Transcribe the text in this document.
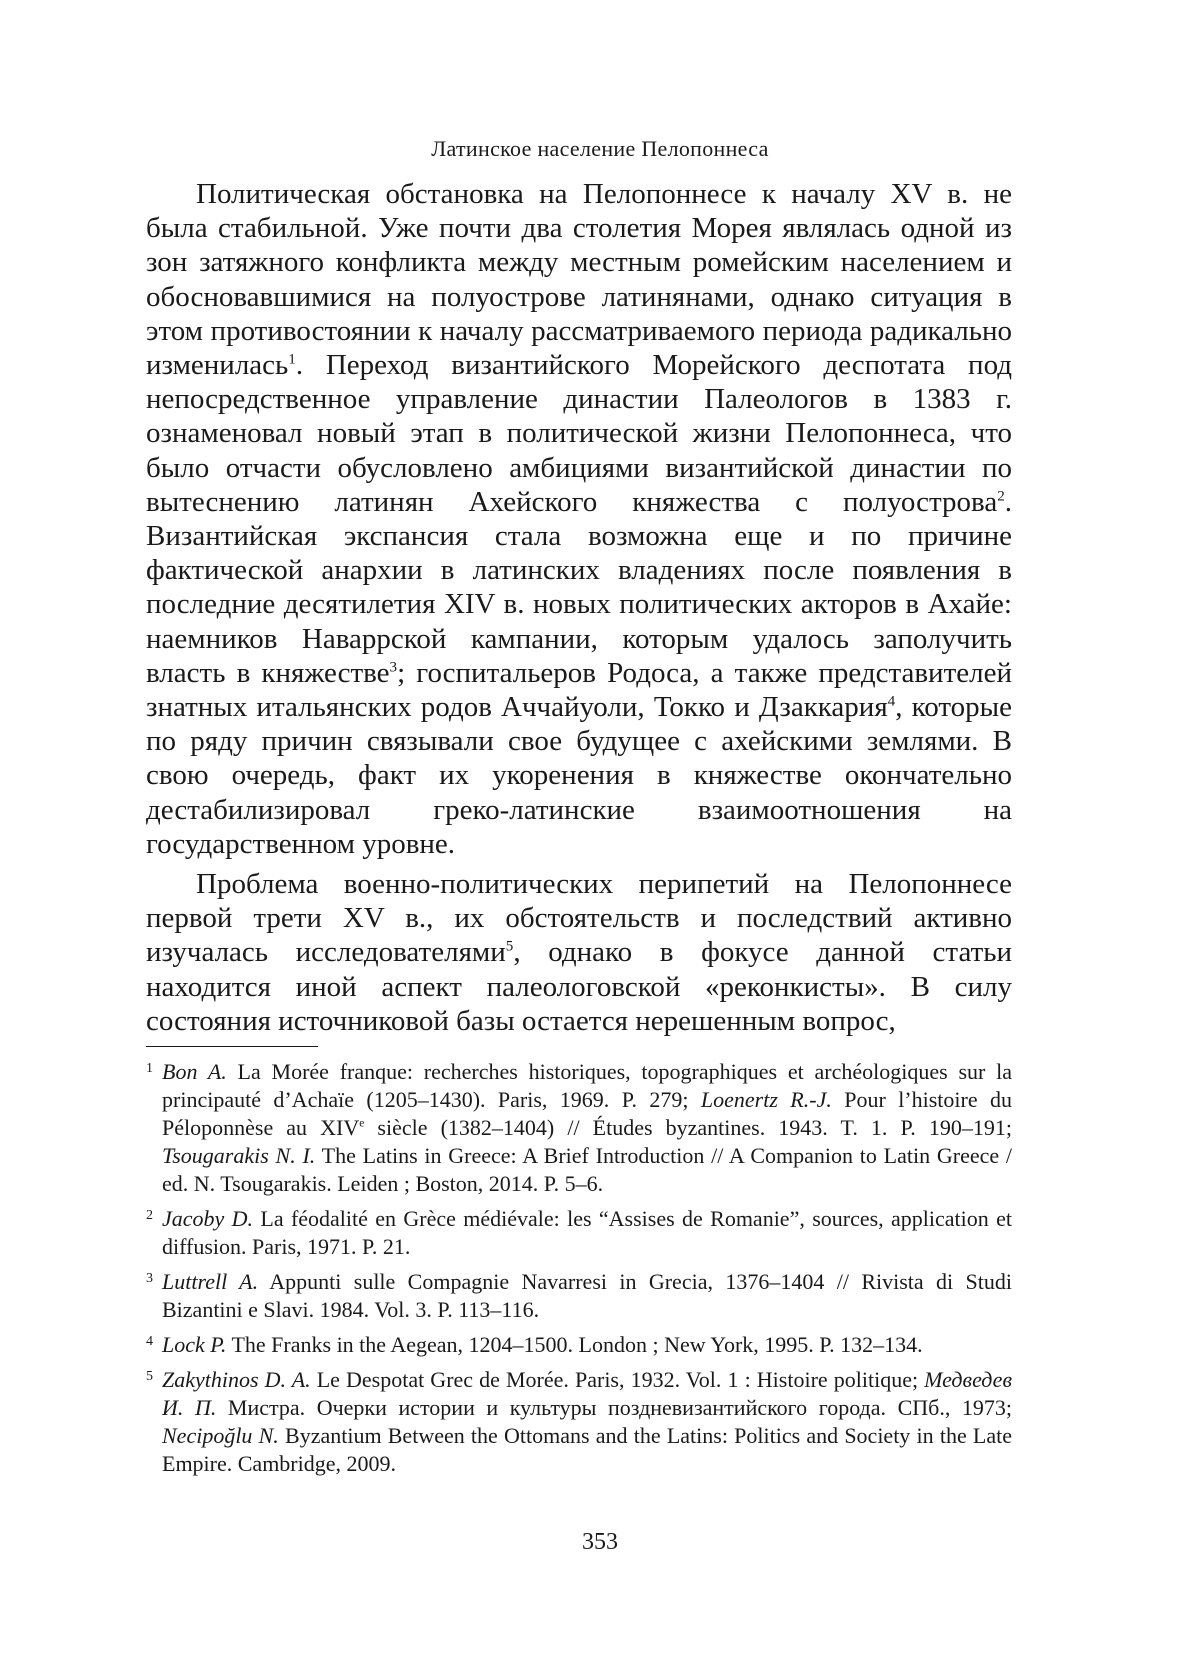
Латинское население Пелопоннеса

Политическая обстановка на Пелопоннесе к началу XV в. не была стабильной. Уже почти два столетия Морея являлась одной из зон затяжного конфликта между местным ромейским населением и обосновавшимися на полуострове латинянами, однако ситуация в этом противостоянии к началу рассматриваемого периода радикально изменилась$^1$. Переход византийского Морейского деспотата под непосредственное управление династии Палеологов в 1383 г. ознаменовал новый этап в политической жизни Пелопоннеса, что было отчасти обусловлено амбициями византийской династии по вытеснению латинян Ахейского княжества с полуострова$^2$. Византийская экспансия стала возможна еще и по причине фактической анархии в латинских владениях после появления в последние десятилетия XIV в. новых политических акторов в Ахайе: наемников Наваррской кампании, которым удалось заполучить власть в княжестве$^3$; госпитальеров Родоса, а также представителей знатных итальянских родов Аччайуоли, Токко и Дзаккария$^4$, которые по ряду причин связывали свое будущее с ахейскими землями. В свою очередь, факт их укоренения в княжестве окончательно дестабилизировал греко-латинские взаимоотношения на государственном уровне.

Проблема военно-политических перипетий на Пелопоннесе первой трети XV в., их обстоятельств и последствий активно изучалась исследователями$^5$, однако в фокусе данной статьи находится иной аспект палеологовской «реконкисты». В силу состояния источниковой базы остается нерешенным вопрос,

1 Bon A. La Morée franque: recherches historiques, topographiques et archéologiques sur la principauté d’Achaïe (1205–1430). Paris, 1969. P. 279; Loenertz R.-J. Pour l’histoire du Péloponnèse au XIVe siècle (1382–1404) // Études byzantines. 1943. T. 1. P. 190–191; Tsougarakis N. I. The Latins in Greece: A Brief Introduction // A Companion to Latin Greece / ed. N. Tsougarakis. Leiden ; Boston, 2014. P. 5–6.

2 Jacoby D. La féodalité en Grèce médiévale: les “Assises de Romanie”, sources, application et diffusion. Paris, 1971. P. 21.

3 Luttrell A. Appunti sulle Compagnie Navarresi in Grecia, 1376–1404 // Rivista di Studi Bizantini e Slavi. 1984. Vol. 3. P. 113–116.

4 Lock P. The Franks in the Aegean, 1204–1500. London ; New York, 1995. P. 132–134.

5 Zakythinos D. A. Le Despotat Grec de Morée. Paris, 1932. Vol. 1 : Histoire politique; Медведев И. П. Мистра. Очерки истории и культуры поздневизантийского города. СПб., 1973; Necipoğlu N. Byzantium Between the Ottomans and the Latins: Politics and Society in the Late Empire. Cambridge, 2009.

353
